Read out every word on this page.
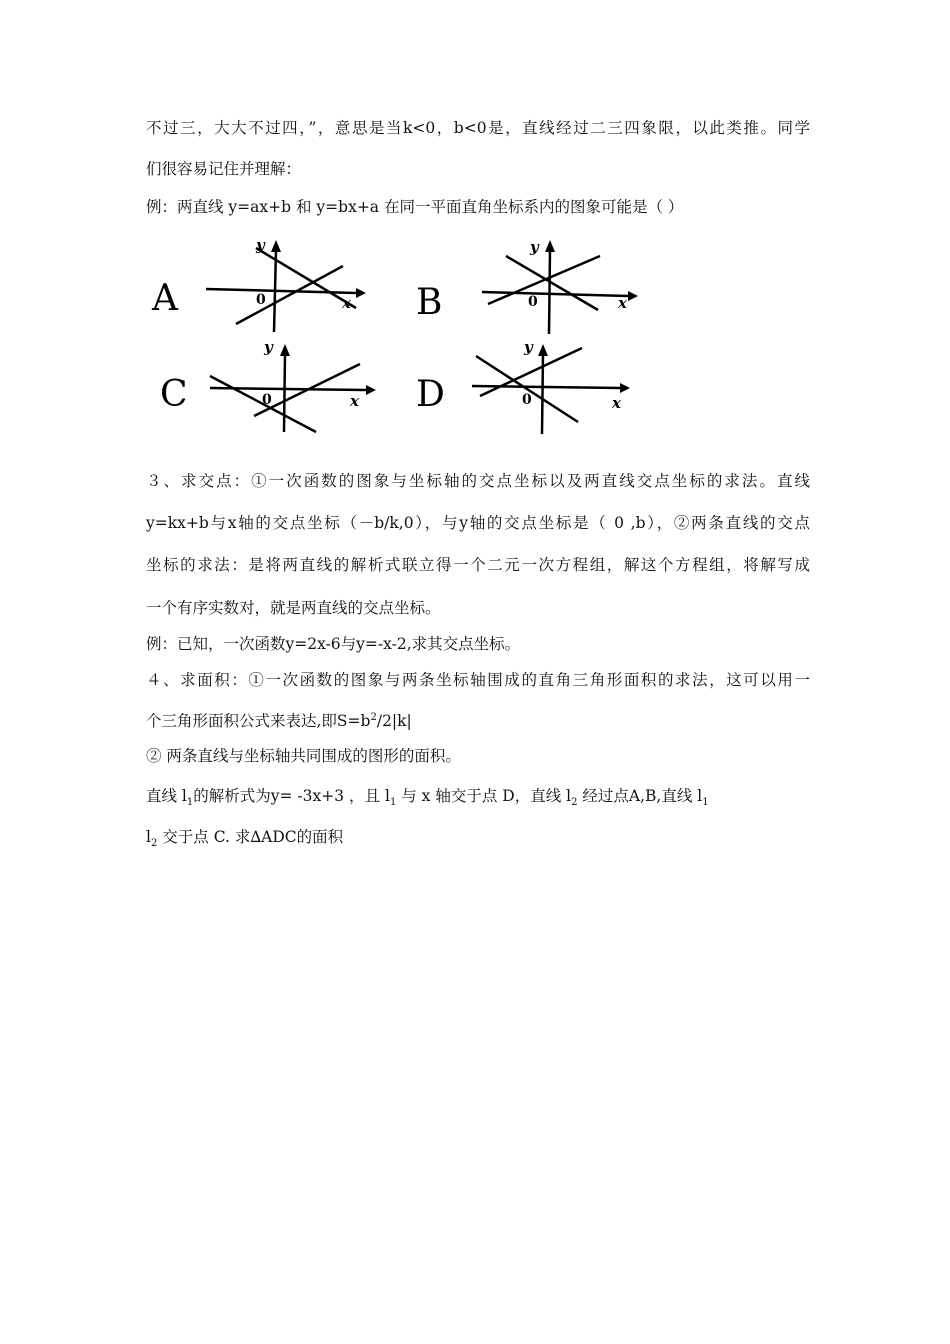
不过三，大大不过四，”，意思是当k<0，b<0是，直线经过二三四象限，以此类推。同学
们很容易记住并理解：
例：两直线 y=ax+b 和 y=bx+a 在同一平面直角坐标系内的图象可能是（ ）
A
y
x
0	B
y
x
0
C
y
x
0	D
y
x
0
３、求交点：①一次函数的图象与坐标轴的交点坐标以及两直线交点坐标的求法。直线
y=kx+b与x轴的交点坐标（－b/k,0），与y轴的交点坐标是（ 0 ,b），②两条直线的交点
坐标的求法：是将两直线的解析式联立得一个二元一次方程组，解这个方程组，将解写成
一个有序实数对，就是两直线的交点坐标。
例：已知，一次函数y=2x-6与y=-x-2,求其交点坐标。
４、求面积：①一次函数的图象与两条坐标轴围成的直角三角形面积的求法，这可以用一
个三角形面积公式来表达,即$S=b^2/2|k|$
② 两条直线与坐标轴共同围成的图形的面积。
直线 $l_1$的解析式为y= -3x+3 ，且 $l_1$ 与 x 轴交于点 D，直线 $l_2$ 经过点A,B,直线 $l_1$
$l_2$ 交于点 C. 求∆ADC的面积
